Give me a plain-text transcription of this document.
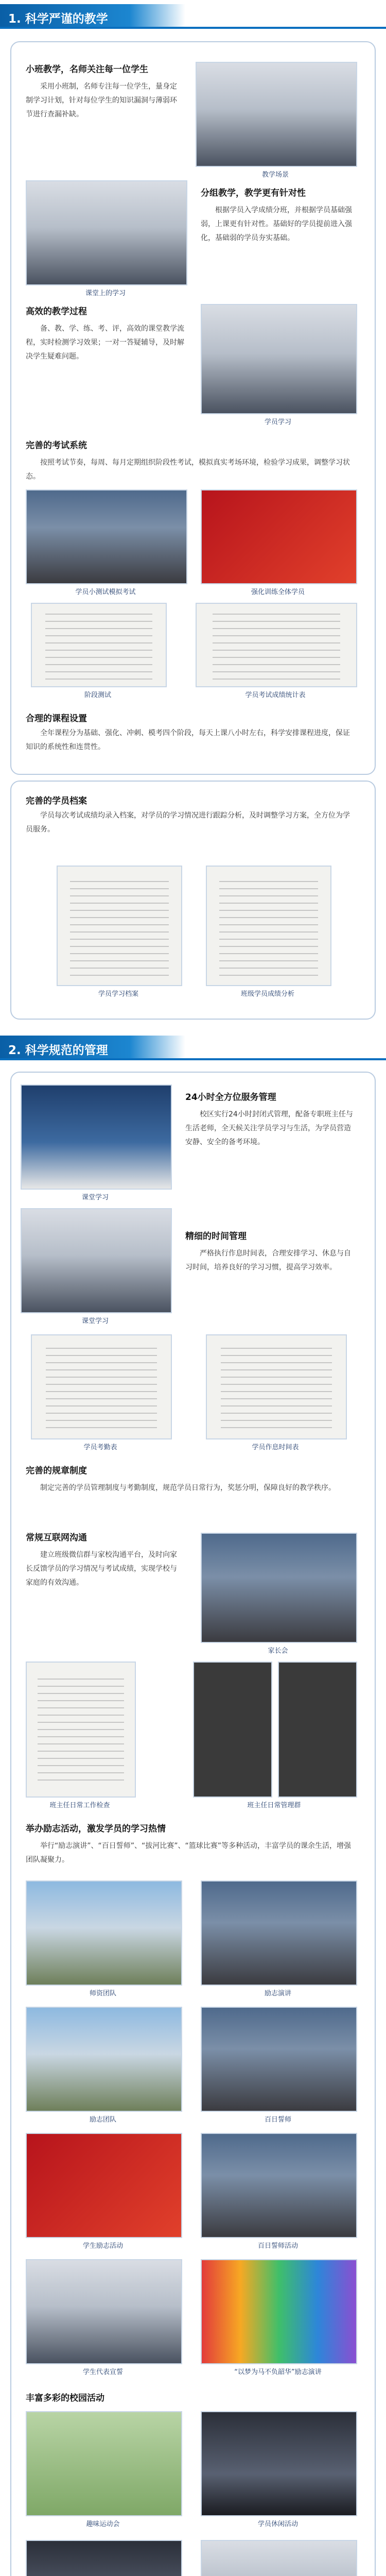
1. 科学严谨的教学
小班教学，名师关注每一位学生
采用小班制，名师专注每一位学生，量身定制学习计划，针对每位学生的知识漏洞与薄弱环节进行查漏补缺。
教学场景
课堂上的学习
分组教学，教学更有针对性
根据学员入学成绩分班，并根据学员基础强弱，上课更有针对性。基础好的学员提前进入强化，基础弱的学员夯实基础。
高效的教学过程
备、教、学、练、考、评，高效的课堂教学流程，实时检测学习效果；一对一答疑辅导，及时解决学生疑难问题。
学员学习
完善的考试系统
按照考试节奏，每周、每月定期组织阶段性考试，模拟真实考场环境，检验学习成果，调整学习状态。
学员小测试模拟考试	强化训练全体学员
阶段测试	学员考试成绩统计表
合理的课程设置
全年课程分为基础、强化、冲刺、模考四个阶段，每天上课八小时左右，科学安排课程进度，保证知识的系统性和连贯性。
完善的学员档案
学员每次考试成绩均录入档案，对学员的学习情况进行跟踪分析，及时调整学习方案，全方位为学员服务。
学员学习档案	班级学员成绩分析
2. 科学规范的管理
课堂学习
24小时全方位服务管理
校区实行24小时封闭式管理，配备专职班主任与生活老师，全天候关注学员学习与生活，为学员营造安静、安全的备考环境。
课堂学习
精细的时间管理
严格执行作息时间表，合理安排学习、休息与自习时间，培养良好的学习习惯，提高学习效率。
学员考勤表	学员作息时间表
完善的规章制度
制定完善的学员管理制度与考勤制度，规范学员日常行为，奖惩分明，保障良好的教学秩序。
常规互联网沟通
建立班级微信群与家校沟通平台，及时向家长反馈学员的学习情况与考试成绩，实现学校与家庭的有效沟通。
家长会
班主任日常工作检查	班主任日常管理群
举办励志活动，激发学员的学习热情
举行“励志演讲”、“百日誓师”、“拔河比赛”、“篮球比赛”等多种活动，丰富学员的课余生活，增强团队凝聚力。
师资团队	励志演讲
励志团队	百日誓师
学生励志活动	百日誓师活动
学生代表宣誓	“以梦为马不负韶华”励志演讲
丰富多彩的校园活动
趣味运动会	学员休闲活动
